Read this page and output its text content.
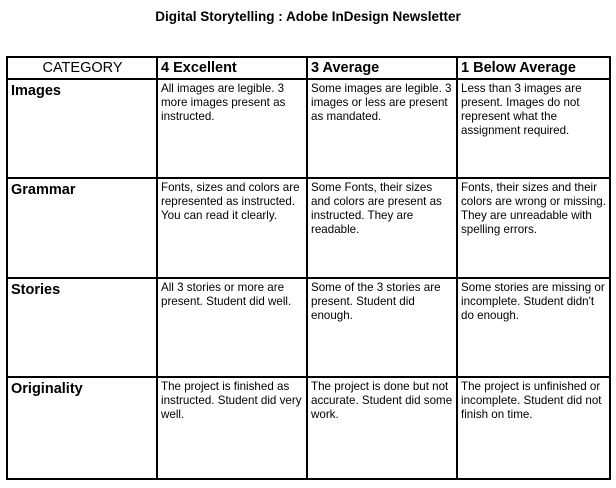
Digital Storytelling : Adobe InDesign Newsletter
CATEGORY	4 Excellent	3 Average	1 Below Average
Images	All images are legible. 3 more images present as instructed.	Some images are legible. 3 images or less are present as mandated.	Less than 3 images are present. Images do not represent what the assignment required.
Grammar	Fonts, sizes and colors are represented as instructed. You can read it clearly.	Some Fonts, their sizes and colors are present as instructed. They are readable.	Fonts, their sizes and their colors are wrong or missing. They are unreadable with spelling errors.
Stories	All 3 stories or more are present. Student did well.	Some of the 3 stories are present. Student did enough.	Some stories are missing or incomplete. Student didn't do enough.
Originality	The project is finished as instructed. Student did very well.	The project is done but not accurate. Student did some work.	The project is unfinished or incomplete. Student did not finish on time.
